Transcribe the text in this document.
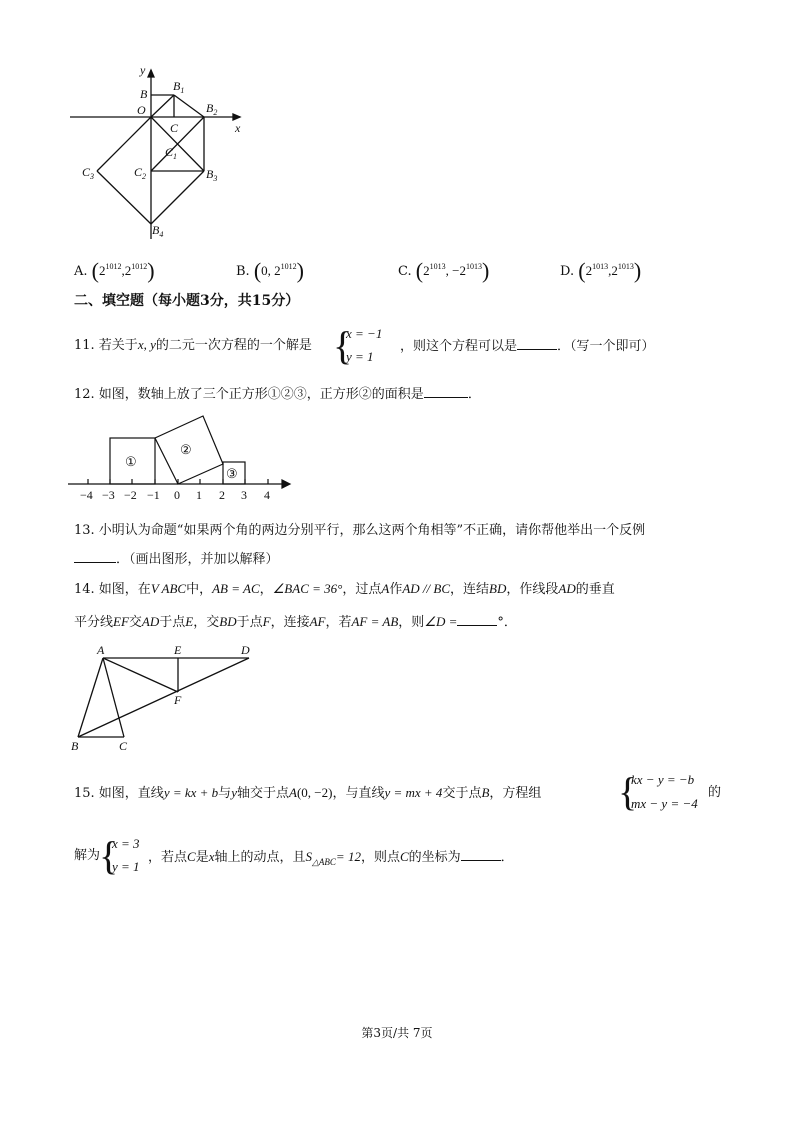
y
x
O
B
$B_1$
$B_2$
C
$C_1$
$C_2$
$C_3$	$B_3$
$B_4$
A. $(2^{1012},2^{1012})$	B. (0, $2^{1012}$)	C. ($2^{1013}$, $-2^{1013}$)	D. $(2^{1013},2^{1013})$
二、填空题（每小题3分，共15分）
11. 若关于x, y的二元一次方程的一个解是 {
x = −1
y = 1
，则这个方程可以是	．（写一个即可）
12. 如图，数轴上放了三个正方形①②③，正方形②的面积是	．
①
②
③
−4 −3 −2 −1 0 1 2 3 4
13. 小明认为命题“如果两个角的两边分别平行，那么这两个角相等”不正确，请你帮他举出一个反例
．（画出图形，并加以解释）
14. 如图，在V ABC中，AB = AC，∠BAC = 36°，过点A作AD // BC，连结BD，作线段AD的垂直
平分线EF交AD于点E，交BD于点F，连接AF，若AF = AB，则∠D =	°．
A	E	D
F
B	C
15. 如图，直线y = kx + b与y轴交于点A(0, −2)，与直线y = mx + 4交于点B，方程组 {
kx − y = −b
mx − y = −4
的
解为
{
x = 3
y = 1
，若点C是x轴上的动点，且$S_{\triangle ABC}= 12$，则点C的坐标为	．
第3页/共 7页
